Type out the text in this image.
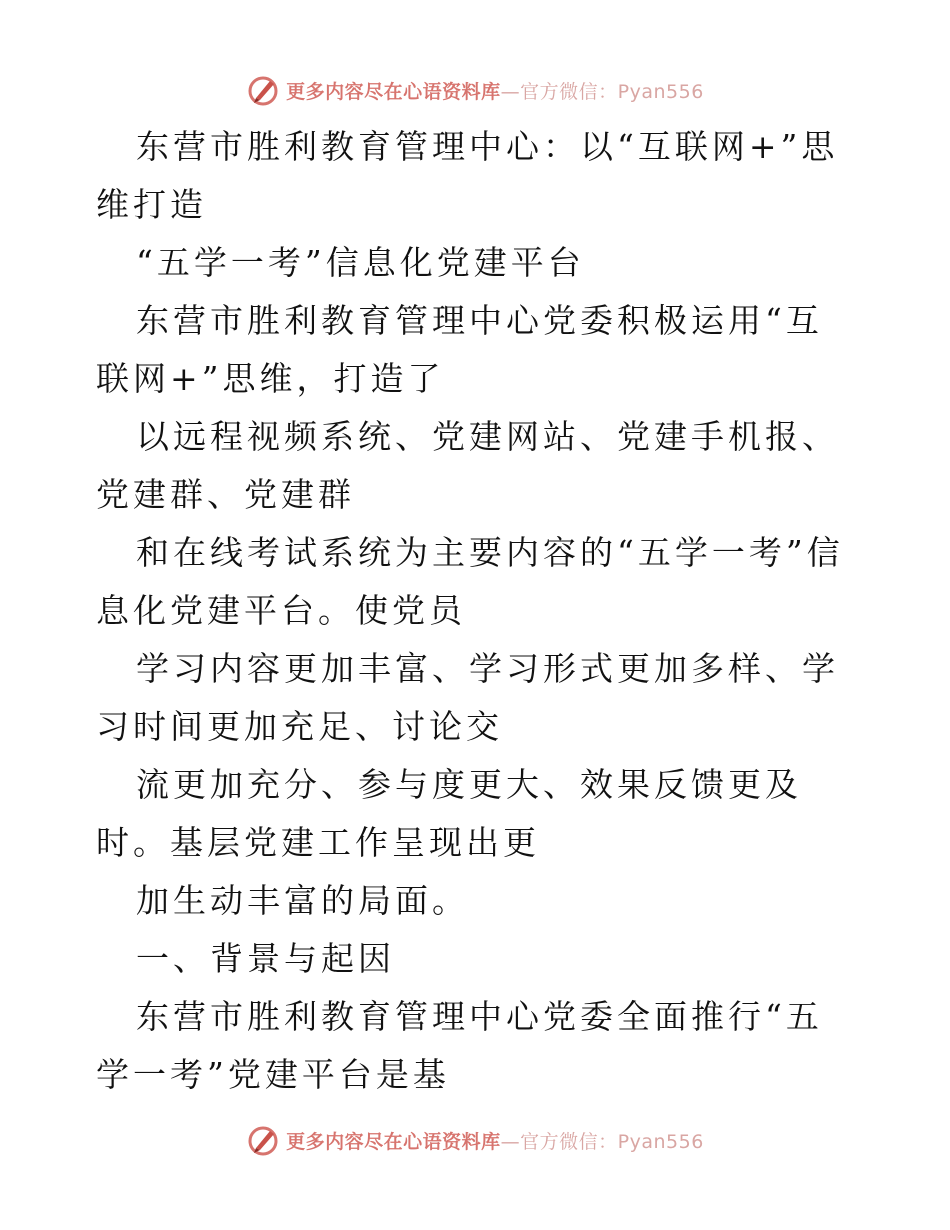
更多内容尽在心语资料库—官方微信：Pyan556

东营市胜利教育管理中心：以“互联网+”思维打造

“五学一考”信息化党建平台

东营市胜利教育管理中心党委积极运用“互联网+”思维，打造了

以远程视频系统、党建网站、党建手机报、党建群、党建群

和在线考试系统为主要内容的“五学一考”信息化党建平台。使党员

学习内容更加丰富、学习形式更加多样、学习时间更加充足、讨论交

流更加充分、参与度更大、效果反馈更及时。基层党建工作呈现出更

加生动丰富的局面。

一、背景与起因

东营市胜利教育管理中心党委全面推行“五学一考”党建平台是基

更多内容尽在心语资料库—官方微信：Pyan556
